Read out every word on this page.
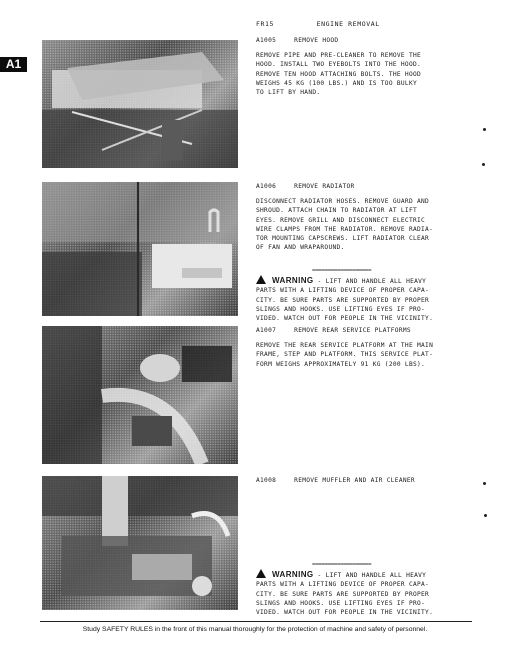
FR15	ENGINE REMOVAL
A1
A1005	REMOVE HOOD
REMOVE PIPE AND PRE-CLEANER TO REMOVE THE
HOOD. INSTALL TWO EYEBOLTS INTO THE HOOD.
REMOVE TEN HOOD ATTACHING BOLTS. THE HOOD
WEIGHS 45 KG (100 LBS.) AND IS TOO BULKY
TO LIFT BY HAND.
A1006	REMOVE RADIATOR
DISCONNECT RADIATOR HOSES. REMOVE GUARD AND
SHROUD. ATTACH CHAIN TO RADIATOR AT LIFT
EYES. REMOVE GRILL AND DISCONNECT ELECTRIC
WIRE CLAMPS FROM THE RADIATOR. REMOVE RADIA-
TOR MOUNTING CAPSCREWS. LIFT RADIATOR CLEAR
OF FAN AND WRAPAROUND.
===================
WARNING - LIFT AND HANDLE ALL HEAVY
PARTS WITH A LIFTING DEVICE OF PROPER CAPA-
CITY. BE SURE PARTS ARE SUPPORTED BY PROPER
SLINGS AND HOOKS. USE LIFTING EYES IF PRO-
VIDED. WATCH OUT FOR PEOPLE IN THE VICINITY.
A1007	REMOVE REAR SERVICE PLATFORMS
REMOVE THE REAR SERVICE PLATFORM AT THE MAIN
FRAME, STEP AND PLATFORM. THIS SERVICE PLAT-
FORM WEIGHS APPROXIMATELY 91 KG (200 LBS).
A1008	REMOVE MUFFLER AND AIR CLEANER
===================
WARNING - LIFT AND HANDLE ALL HEAVY
PARTS WITH A LIFTING DEVICE OF PROPER CAPA-
CITY. BE SURE PARTS ARE SUPPORTED BY PROPER
SLINGS AND HOOKS. USE LIFTING EYES IF PRO-
VIDED. WATCH OUT FOR PEOPLE IN THE VICINITY.
Study SAFETY RULES in the front of this manual thoroughly for the protection of machine and safety of personnel.
